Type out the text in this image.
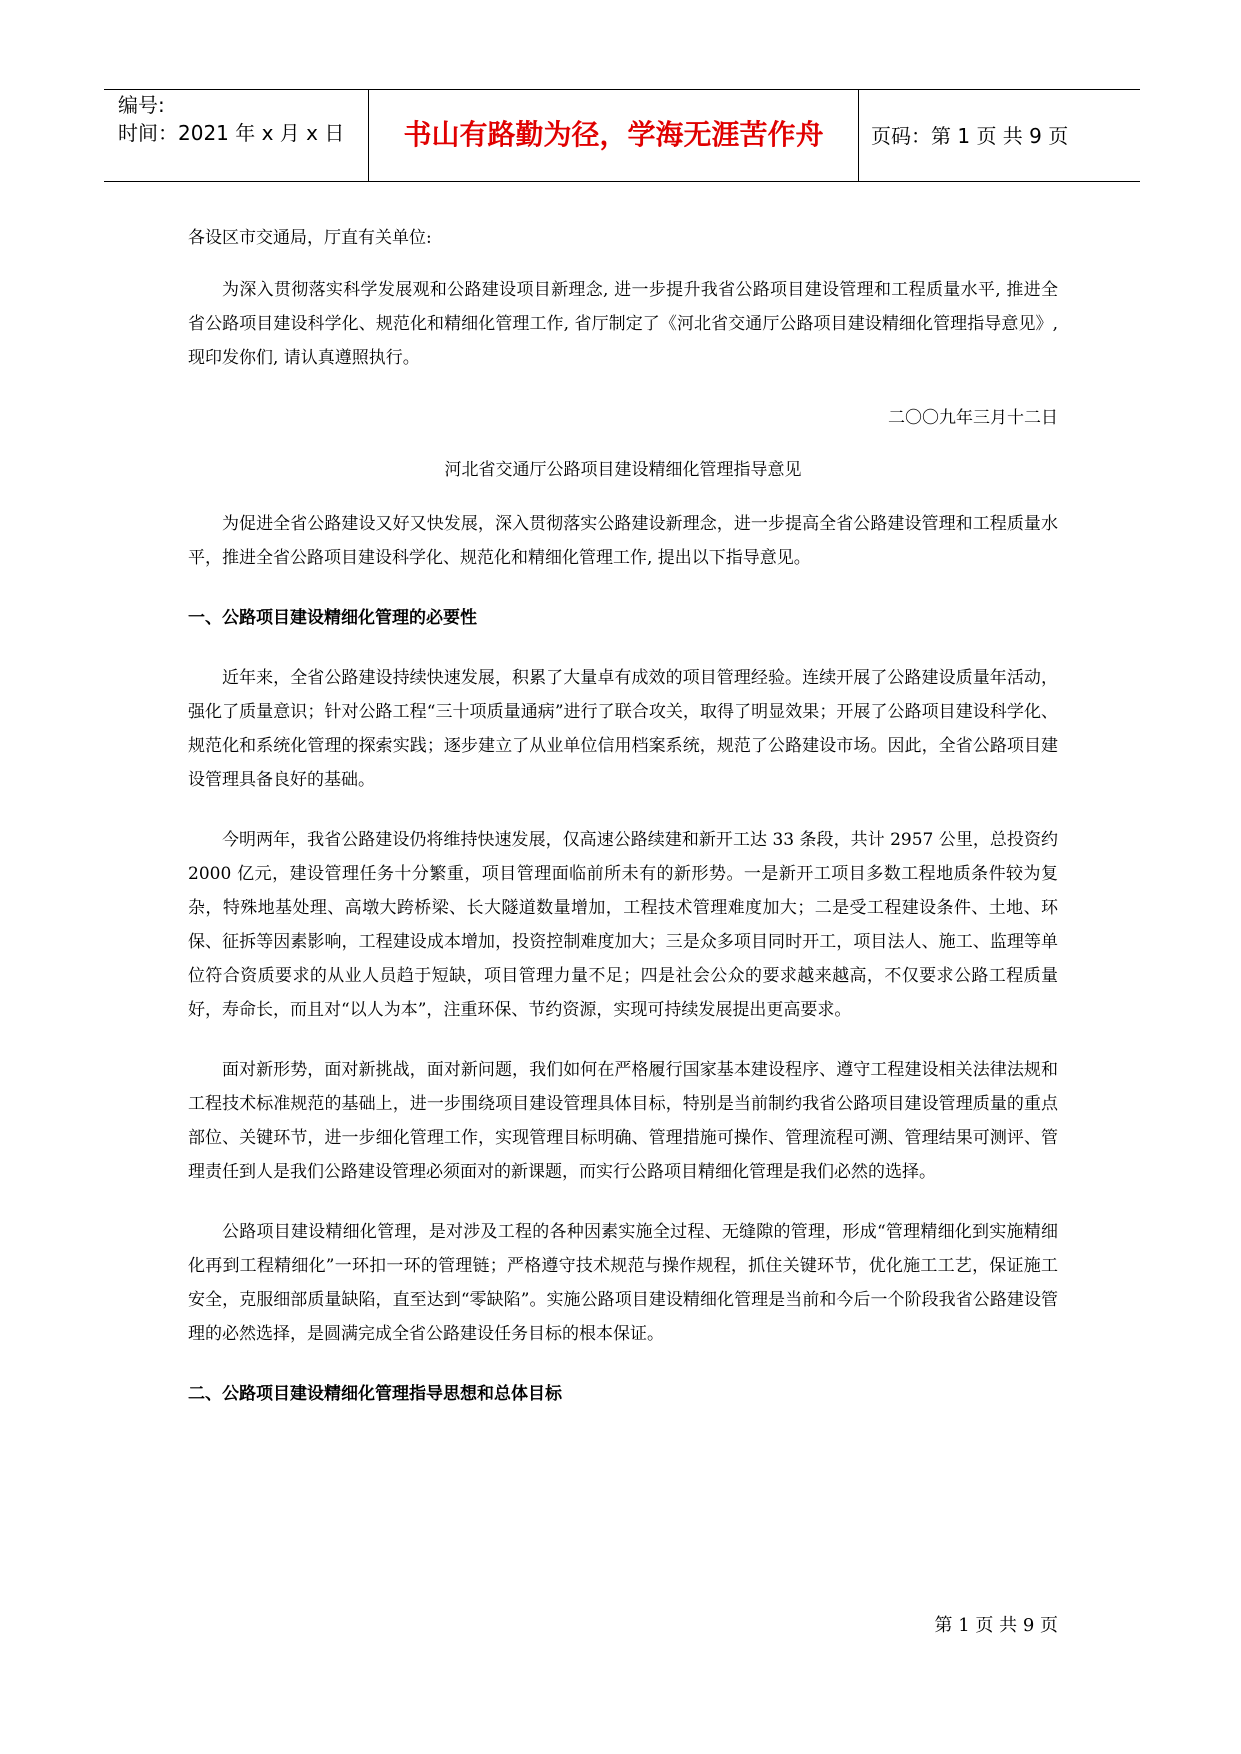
编号:
时间：2021 年 x 月 x 日	书山有路勤为径，学海无涯苦作舟	页码：第 1 页 共 9 页

各设区市交通局，厅直有关单位:

为深入贯彻落实科学发展观和公路建设项目新理念, 进一步提升我省公路项目建设管理和工程质量水平, 推进全省公路项目建设科学化、规范化和精细化管理工作, 省厅制定了《河北省交通厅公路项目建设精细化管理指导意见》, 现印发你们, 请认真遵照执行。

二〇〇九年三月十二日

河北省交通厅公路项目建设精细化管理指导意见

为促进全省公路建设又好又快发展，深入贯彻落实公路建设新理念，进一步提高全省公路建设管理和工程质量水平，推进全省公路项目建设科学化、规范化和精细化管理工作, 提出以下指导意见。

一、公路项目建设精细化管理的必要性

近年来，全省公路建设持续快速发展，积累了大量卓有成效的项目管理经验。连续开展了公路建设质量年活动，强化了质量意识；针对公路工程“三十项质量通病”进行了联合攻关，取得了明显效果；开展了公路项目建设科学化、规范化和系统化管理的探索实践；逐步建立了从业单位信用档案系统，规范了公路建设市场。因此，全省公路项目建设管理具备良好的基础。

今明两年，我省公路建设仍将维持快速发展，仅高速公路续建和新开工达 33 条段，共计 2957 公里，总投资约 2000 亿元，建设管理任务十分繁重，项目管理面临前所未有的新形势。一是新开工项目多数工程地质条件较为复杂，特殊地基处理、高墩大跨桥梁、长大隧道数量增加，工程技术管理难度加大；二是受工程建设条件、土地、环保、征拆等因素影响，工程建设成本增加，投资控制难度加大；三是众多项目同时开工，项目法人、施工、监理等单位符合资质要求的从业人员趋于短缺，项目管理力量不足；四是社会公众的要求越来越高，不仅要求公路工程质量好，寿命长，而且对“以人为本”，注重环保、节约资源，实现可持续发展提出更高要求。

面对新形势，面对新挑战，面对新问题，我们如何在严格履行国家基本建设程序、遵守工程建设相关法律法规和工程技术标准规范的基础上，进一步围绕项目建设管理具体目标，特别是当前制约我省公路项目建设管理质量的重点部位、关键环节，进一步细化管理工作，实现管理目标明确、管理措施可操作、管理流程可溯、管理结果可测评、管理责任到人是我们公路建设管理必须面对的新课题，而实行公路项目精细化管理是我们必然的选择。

公路项目建设精细化管理，是对涉及工程的各种因素实施全过程、无缝隙的管理，形成“管理精细化到实施精细化再到工程精细化”一环扣一环的管理链；严格遵守技术规范与操作规程，抓住关键环节，优化施工工艺，保证施工安全，克服细部质量缺陷，直至达到“零缺陷”。实施公路项目建设精细化管理是当前和今后一个阶段我省公路建设管理的必然选择，是圆满完成全省公路建设任务目标的根本保证。

二、公路项目建设精细化管理指导思想和总体目标

第 1 页 共 9 页
